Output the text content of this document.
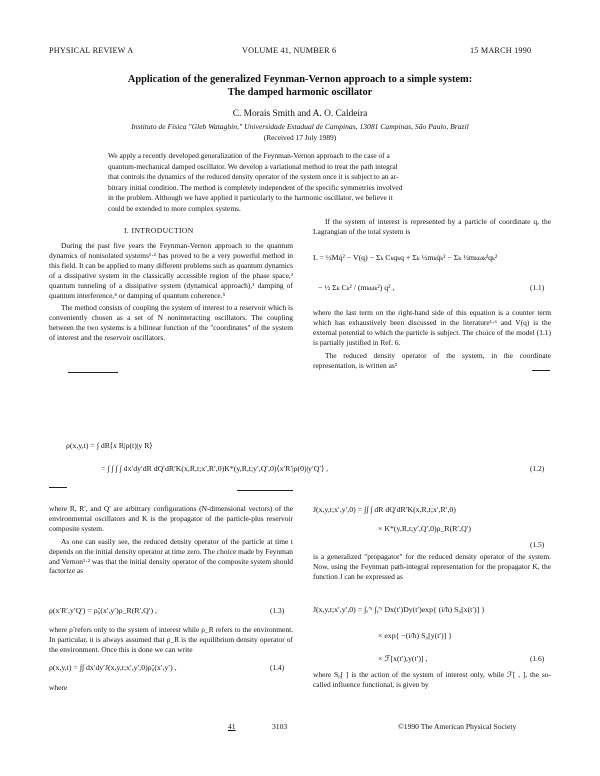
PHYSICAL REVIEW A	VOLUME 41, NUMBER 6	15 MARCH 1990
Application of the generalized Feynman-Vernon approach to a simple system:
The damped harmonic oscillator
C. Morais Smith and A. O. Caldeira
Instituto de Física "Gleb Wataghin," Universidade Estadual de Campinas, 13081 Campinas, São Paulo, Brazil
(Received 17 July 1989)
We apply a recently developed generalization of the Feynman-Vernon approach to the case of a
quantum-mechanical damped oscillator. We develop a variational method to treat the path integral
that controls the dynamics of the reduced density operator of the system once it is subject to an ar-
bitrary initial condition. The method is completely independent of the specific symmetries involved
in the problem. Although we have applied it particularly to the harmonic oscillator, we believe it
could be extended to more complex systems.
I. INTRODUCTION

During the past five years the Feynman-Vernon approach to the quantum dynamics of nonisolated systems¹·² has proved to be a very powerful method in this field. It can be applied to many different problems such as quantum dynamics of a dissipative system in the classically accessible region of the phase space,³ quantum tunneling of a dissipative system (dynamical approach),¹ damping of quantum interference,⁴ or damping of quantum coherence.⁵

The method consists of coupling the system of interest to a reservoir which is conveniently chosen as a set of N noninteracting oscillators. The coupling between the two systems is a bilinear function of the "coordinates" of the system of interest and the reservoir oscillators.

If the system of interest is represented by a particle of coordinate q, the Lagrangian of the total system is

L = ½Mq̇² − V(q) − Σₖ Cₖqₖq + Σₖ ½mₖq̇ₖ² − Σₖ ½mₖωₖ²qₖ²
− ½ Σₖ Cₖ² / (mₖωₖ²) q² ,	(1.1)

where the last term on the right-hand side of this equation is a counter term which has exhaustively been discussed in the literature¹·⁶ and V(q) is the external potential to which the particle is subject. The choice of the model (1.1) is partially justified in Ref. 6.

The reduced density operator of the system, in the coordinate representation, is written as³

ρ(x,y,t) = ∫ dR⟨x R|ρ(t)|y R⟩
= ∫ ∫ ∫ ∫ dx′dy′dR dQ′dR′K(x,R,t;x′,R′,0)K*(y,R,t;y′,Q′,0)⟨x′R′|ρ(0)|y′Q′⟩ ,	(1.2)

where R, R′, and Q′ are arbitrary configurations (N-dimensional vectors) of the environmental oscillators and K is the propagator of the particle-plus reservoir composite system.

As one can easily see, the reduced density operator of the particle at time t depends on the initial density operator at time zero. The choice made by Feynman and Vernon¹·² was that the initial density operator of the composite system should factorize as

ρ(x′R′,y′Q′) = ρ̃₀(x′,y′)ρ_R(R′,Q′) ,	(1.3)

where ρ̃ refers only to the system of interest while ρ_R refers to the environment. In particular, it is always assumed that ρ_R is the equilibrium density operator of the environment. Once this is done we can write

ρ(x,y,t) = ∫∫ dx′dy′J(x,y,t;x′,y′,0)ρ̃₀(x′,y′) ,	(1.4)

where

J(x,y,t;x′,y′,0) = ∫∫ ∫ dR dQ′dR′K(x,R,t;x′,R′,0)
× K*(y,R,t;y′,Q′,0)ρ_R(R′,Q′)
(1.5)

is a generalized "propagator" for the reduced density operator of the system. Now, using the Feynman path-integral representation for the propagator K, the function J can be expressed as

J(x,y,t;x′,y′,0) = ∫ₓ′ˣ ∫ᵧ′ʸ Dx(t′)Dy(t′)exp{ (i/ħ) S₀[x(t′)] }
× exp{ −(i/ħ) S₀[y(t′)] }
× ℱ[x(t′),y(t′)] ,	(1.6)

where S₀[ ] is the action of the system of interest only, while ℱ[ , ], the so-called influence functional, is given by

41	3103	©1990 The American Physical Society
